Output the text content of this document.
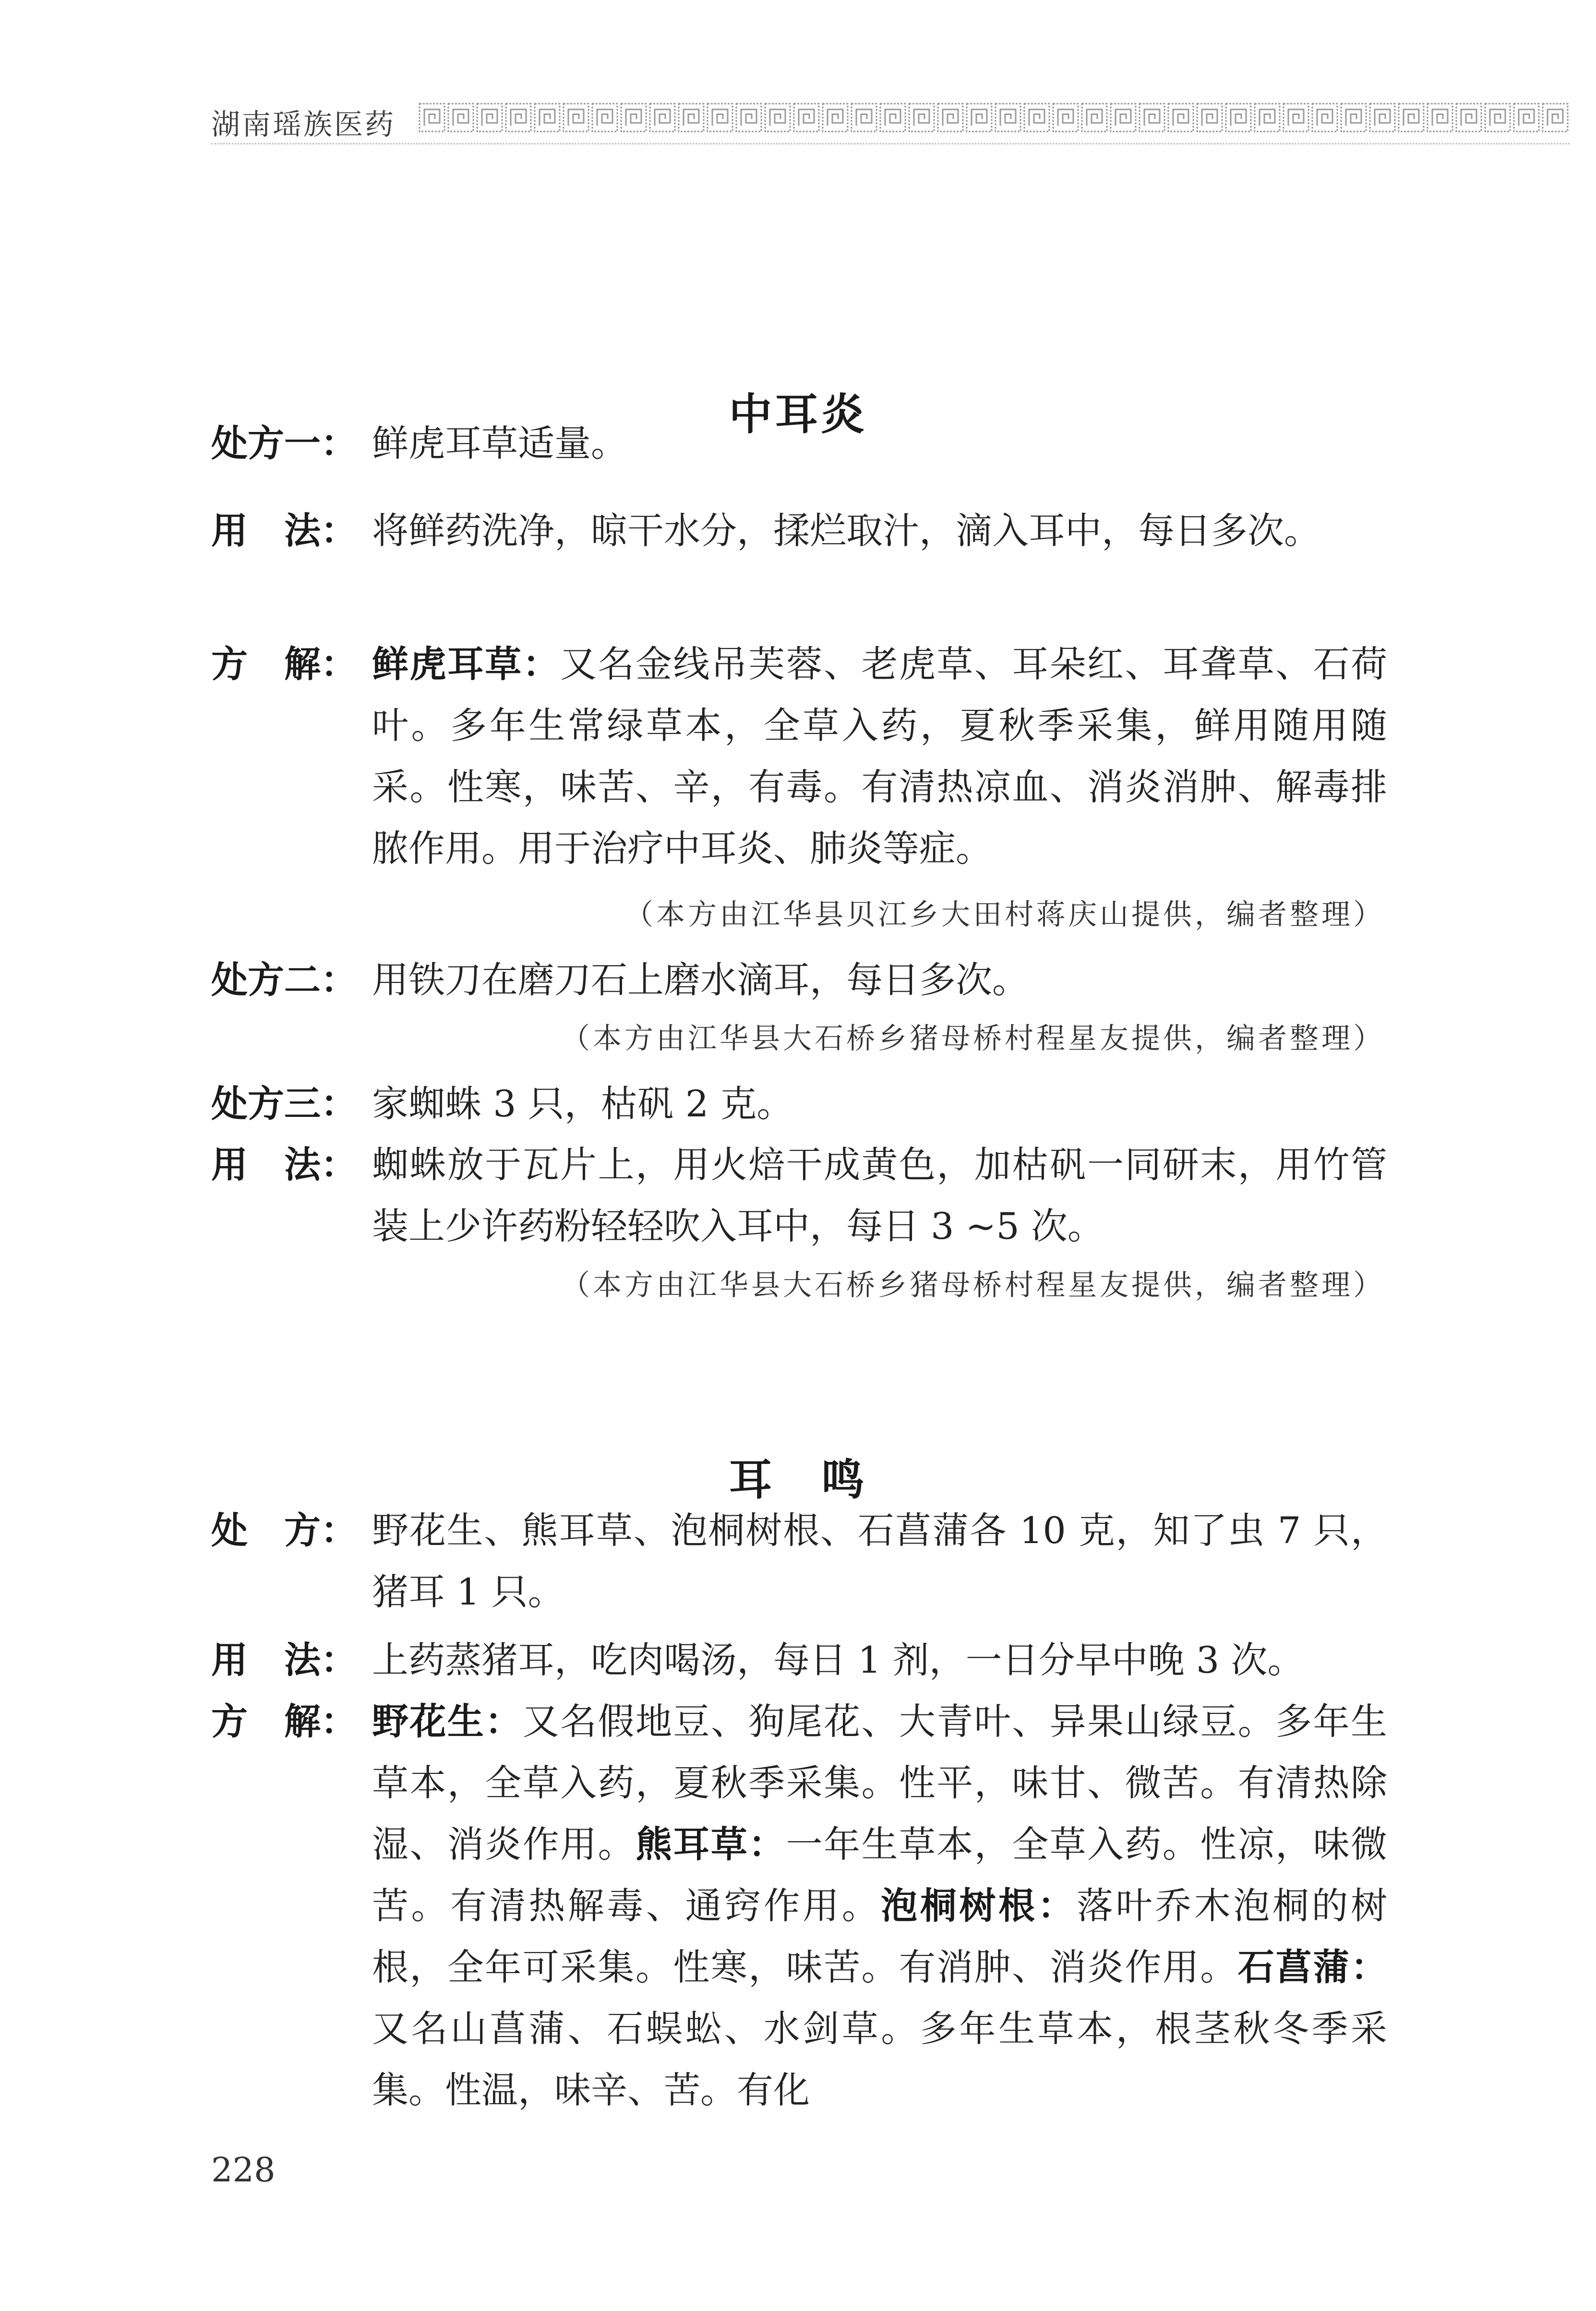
湖南瑶族医药
中耳炎
处方一： 鲜虎耳草适量。
用　法： 将鲜药洗净，晾干水分，揉烂取汁，滴入耳中，每日多次。
方　解： 鲜虎耳草：又名金线吊芙蓉、老虎草、耳朵红、耳聋草、石荷叶。多年生常绿草本，全草入药，夏秋季采集，鲜用随用随采。性寒，味苦、辛，有毒。有清热凉血、消炎消肿、解毒排脓作用。用于治疗中耳炎、肺炎等症。
（本方由江华县贝江乡大田村蒋庆山提供，编者整理）
处方二： 用铁刀在磨刀石上磨水滴耳，每日多次。
（本方由江华县大石桥乡猪母桥村程星友提供，编者整理）
处方三： 家蜘蛛 3 只，枯矾 2 克。
用　法： 蜘蛛放于瓦片上，用火焙干成黄色，加枯矾一同研末，用竹管装上少许药粉轻轻吹入耳中，每日 3 ~5 次。
（本方由江华县大石桥乡猪母桥村程星友提供，编者整理）
耳　鸣
处　方： 野花生、熊耳草、泡桐树根、石菖蒲各 10 克，知了虫 7 只，猪耳 1 只。
用　法： 上药蒸猪耳，吃肉喝汤，每日 1 剂，一日分早中晚 3 次。
方　解： 野花生：又名假地豆、狗尾花、大青叶、异果山绿豆。多年生草本，全草入药，夏秋季采集。性平，味甘、微苦。有清热除湿、消炎作用。熊耳草：一年生草本，全草入药。性凉，味微苦。有清热解毒、通窍作用。泡桐树根：落叶乔木泡桐的树根，全年可采集。性寒，味苦。有消肿、消炎作用。石菖蒲：又名山菖蒲、石蜈蚣、水剑草。多年生草本，根茎秋冬季采集。性温，味辛、苦。有化
228
